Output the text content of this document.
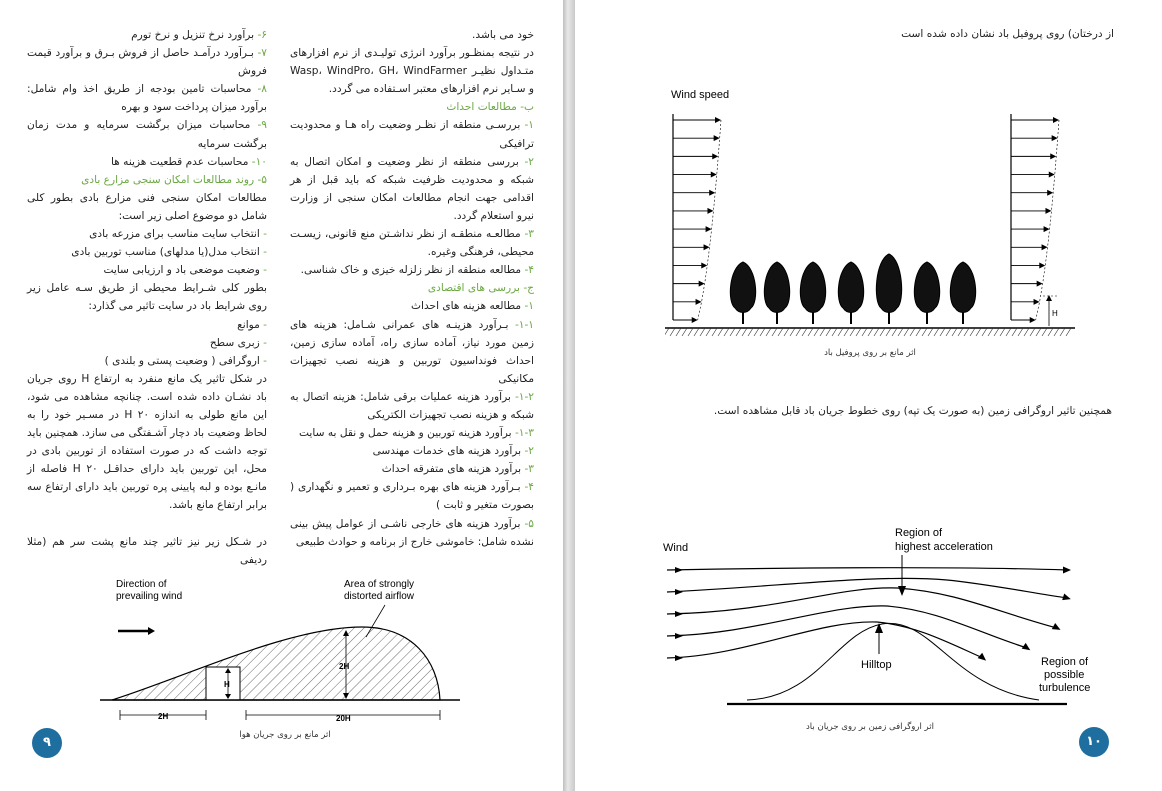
خود می باشد.

در نتیجه بمنظـور برآورد انرژی تولیـدی از نرم افزارهای متـداول نظیـر Wasp، WindPro، GH، WindFarmer و سـایر نرم افزارهای معتبر اسـتفاده می گردد.

ب- مطالعات احداث

۱- بررسـی منطقه از نظـر وضعیت راه هـا و محدودیت ترافیکی

۲- بررسی منطقه از نظر وضعیت و امکان اتصال به شبکه و محدودیت ظرفیت شبکه که باید قبل از هر اقدامی جهت انجام مطالعات امکان سنجی از وزارت نیرو استعلام گردد.

۳- مطالعـه منطقـه از نظر نداشـتن منع قانونی، زیسـت محیطی، فرهنگی وغیره.

۴- مطالعه منطقه از نظر زلزله خیزی و خاک شناسی.

ج- بررسی های اقتصادی

۱- مطالعه هزینه های احداث

۱-۱- بـرآورد هزینـه های عمرانی شـامل: هزینه های زمین مورد نیاز، آماده سازی راه، آماده سازی زمین، احداث فونداسیون توربین و هزینه نصب تجهیزات مکانیکی

۱-۲- برآورد هزینه عملیات برقی شامل: هزینه اتصال به شبکه و هزینه نصب تجهیزات الکتریکی

۱-۳- برآورد هزینه توربین و هزینه حمل و نقل به سایت

۲- برآورد هزینه های خدمات مهندسی

۳- برآورد هزینه های متفرقه احداث

۴- بـرآورد هزینه های بهره بـرداری و تعمیر و نگهداری ( بصورت متغیر و ثابت )

۵- برآورد هزینه های خارجی ناشـی از عوامل پیش بینی نشده شامل: خاموشی خارج از برنامه و حوادث طبیعی

۶- برآورد نرخ تنزیل و نرخ تورم

۷- بـرآورد درآمـد حاصل از فروش بـرق و برآورد قیمت فروش

۸- محاسبات تامین بودجه از طریق اخذ وام شامل: برآورد میزان پرداخت سود و بهره

۹- محاسبات میزان برگشت سرمایه و مدت زمان برگشت سرمایه

۱۰- محاسبات عدم قطعیت هزینه ها

۵- روند مطالعات امکان سنجی مزارع بادی

مطالعات امکان سنجی فنی مزارع بادی بطور کلی شامل دو موضوع اصلی زیر است:

- انتخاب سایت مناسب برای مزرعه بادی

- انتخاب مدل(یا مدلهای) مناسب توربین بادی

- وضعیت موضعی باد و ارزیابی سایت

بطور کلی شـرایط محیطی از طریق سـه عامل زیر روی شرایط باد در سایت تاثیر می گذارد:

- موانع

- زبری سطح

- اروگرافی ( وضعیت پستی و بلندی )

در شکل تاثیر یک مانع منفرد به ارتفاع H روی جریان باد نشـان داده شده است. چنانچه مشاهده می شود، این مانع طولی به اندازه ۲۰ H در مسـیر خود را به لحاظ وضعیت باد دچار آشـفتگی می سازد. همچنین باید توجه داشت که در صورت استفاده از توربین بادی در محل، این توربین باید دارای حداقـل ۲۰ H فاصله از مانـع بوده و لبه پایینی پره توربین باید دارای ارتفاع سه برابر ارتفاع مانع باشد.

در شـکل زیر نیز تاثیر چند مانع پشت سر هم (مثلا ردیفی

Direction of
prevailing wind
Area of strongly
distorted airflow
H
2H
2H	20H
اثر مانع بر روی جریان هوا
۹
از درختان) روی پروفیل باد نشان داده شده است
Wind speed
H
اثر مانع بر روی پروفیل باد
همچنین تاثیر اروگرافی زمین (به صورت یک تپه) روی خطوط جریان باد قابل مشاهده است.
Wind
Region of
highest acceleration
Hilltop	Region of
possible
turbulence
اثر اروگرافی زمین بر روی جریان باد
۱۰
